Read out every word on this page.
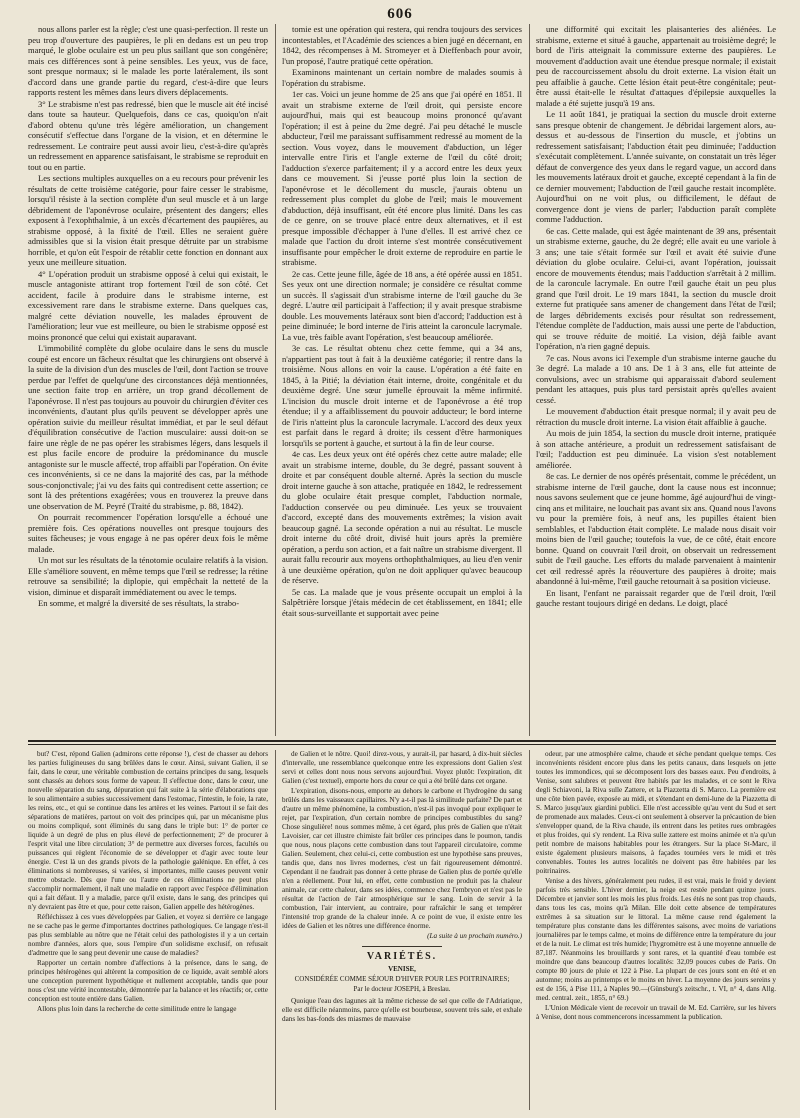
606

nous allons parler est la règle; c'est une quasi-perfection. Il reste un peu trop d'ouverture des paupières, le pli en dedans est un peu trop marqué, le globe oculaire est un peu plus saillant que son congénère; mais ces différences sont à peine sensibles. Les yeux, vus de face, sont presque normaux; si le malade les porte latéralement, ils sont d'accord dans une grande partie du regard, c'est-à-dire que leurs rapports restent les mêmes dans leurs divers déplacements.

3° Le strabisme n'est pas redressé, bien que le muscle ait été incisé dans toute sa hauteur. Quelquefois, dans ce cas, quoiqu'on n'ait d'abord obtenu qu'une très légère amélioration, un changement consécutif s'effectue dans l'organe de la vision, et en détermine le redressement. Le contraire peut aussi avoir lieu, c'est-à-dire qu'après un redressement en apparence satisfaisant, le strabisme se reproduit en tout ou en partie.

Les sections multiples auxquelles on a eu recours pour prévenir les résultats de cette troisième catégorie, pour faire cesser le strabisme, lorsqu'il résiste à la section complète d'un seul muscle et à un large débridement de l'aponévrose oculaire, présentent des dangers; elles exposent à l'exophthalmie, à un excès d'écartement des paupières, au strabisme opposé, à la fixité de l'œil. Elles ne seraient guère admissibles que si la vision était presque détruite par un strabisme horrible, et qu'on eût l'espoir de rétablir cette fonction en donnant aux yeux une meilleure situation.

4° L'opération produit un strabisme opposé à celui qui existait, le muscle antagoniste attirant trop fortement l'œil de son côté. Cet accident, facile à produire dans le strabisme interne, est excessivement rare dans le strabisme externe. Dans quelques cas, malgré cette déviation nouvelle, les malades éprouvent de l'amélioration; leur vue est meilleure, ou bien le strabisme opposé est moins prononcé que celui qui existait auparavant.

L'immobilité complète du globe oculaire dans le sens du muscle coupé est encore un fâcheux résultat que les chirurgiens ont observé à la suite de la division d'un des muscles de l'œil, dont l'action se trouve perdue par l'effet de quelqu'une des circonstances déjà mentionnées, une section faite trop en arrière, un trop grand décollement de l'aponévrose. Il n'est pas toujours au pouvoir du chirurgien d'éviter ces inconvénients, d'autant plus qu'ils peuvent se développer après une opération suivie du meilleur résultat immédiat, et par le seul défaut d'équilibration consécutive de l'action musculaire: aussi doit-on se faire une règle de ne pas opérer les strabismes légers, dans lesquels il est plus facile encore de produire la prédominance du muscle antagoniste sur le muscle affecté, trop affaibli par l'opération. On évite ces inconvénients, si ce ne dans la majorité des cas, par la méthode sous-conjonctivale; j'ai vu des faits qui contredisent cette assertion; ce sont là des prétentions exagérées; vous en trouverez la preuve dans une observation de M. Peyré (Traité du strabisme, p. 88, 1842).

On pourrait recommencer l'opération lorsqu'elle a échoué une première fois. Ces opérations nouvelles ont presque toujours des suites fâcheuses; je vous engage à ne pas opérer deux fois le même malade.

Un mot sur les résultats de la ténotomie oculaire relatifs à la vision. Elle s'améliore souvent, en même temps que l'œil se redresse; la rétine retrouve sa sensibilité; la diplopie, qui empêchait la netteté de la vision, diminue et disparaît immédiatement ou avec le temps.

En somme, et malgré la diversité de ses résultats, la strabo-

tomie est une opération qui restera, qui rendra toujours des services incontestables, et l'Académie des sciences a bien jugé en décernant, en 1842, des récompenses à M. Stromeyer et à Dieffenbach pour avoir, l'un proposé, l'autre pratiqué cette opération.

Examinons maintenant un certain nombre de malades soumis à l'opération du strabisme.

1er cas. Voici un jeune homme de 25 ans que j'ai opéré en 1851. Il avait un strabisme externe de l'œil droit, qui persiste encore aujourd'hui, mais qui est beaucoup moins prononcé qu'avant l'opération; il est à peine du 2me degré. J'ai peu détaché le muscle abducteur, l'œil me paraissant suffisamment redressé au moment de la section. Vous voyez, dans le mouvement d'abduction, un léger intervalle entre l'iris et l'angle externe de l'œil du côté droit; l'adduction s'exerce parfaitement; il y a accord entre les deux yeux dans ce mouvement. Si j'eusse porté plus loin la section de l'aponévrose et le décollement du muscle, j'aurais obtenu un redressement plus complet du globe de l'œil; mais le mouvement d'abduction, déjà insuffisant, eût été encore plus limité. Dans les cas de ce genre, on se trouve placé entre deux alternatives, et il est presque impossible d'échapper à l'une d'elles. Il est arrivé chez ce malade que l'action du droit interne s'est montrée consécutivement insuffisante pour empêcher le droit externe de reproduire en partie le strabisme.

2e cas. Cette jeune fille, âgée de 18 ans, a été opérée aussi en 1851. Ses yeux ont une direction normale; je considère ce résultat comme un succès. Il s'agissait d'un strabisme interne de l'œil gauche du 3e degré. L'autre œil participait à l'affection; il y avait presque strabisme double. Les mouvements latéraux sont bien d'accord; l'adduction est à peine diminuée; le bord interne de l'iris atteint la caroncule lacrymale. La vue, très faible avant l'opération, s'est beaucoup améliorée.

3e cas. Le résultat obtenu chez cette femme, qui a 34 ans, n'appartient pas tout à fait à la deuxième catégorie; il rentre dans la troisième. Nous allons en voir la cause. L'opération a été faite en 1845, à la Pitié; la déviation était interne, droite, congénitale et du deuxième degré. Une sœur jumelle éprouvait la même infirmité. L'incision du muscle droit interne et de l'aponévrose a été trop étendue; il y a affaiblissement du pouvoir adducteur; le bord interne de l'iris n'atteint plus la caroncule lacrymale. L'accord des deux yeux est parfait dans le regard à droite; ils cessent d'être harmoniques lorsqu'ils se portent à gauche, et surtout à la fin de leur course.

4e cas. Les deux yeux ont été opérés chez cette autre malade; elle avait un strabisme interne, double, du 3e degré, passant souvent à droite et par conséquent double alterné. Après la section du muscle droit interne gauche à son attache, pratiquée en 1842, le redressement du globe oculaire était presque complet, l'abduction normale, l'adduction conservée ou peu diminuée. Les yeux se trouvaient d'accord, excepté dans des mouvements extrêmes; la vision avait beaucoup gagné. La seconde opération a nui au résultat. Le muscle droit interne du côté droit, divisé huit jours après la première opération, a perdu son action, et a fait naître un strabisme divergent. Il aurait fallu recourir aux moyens orthophthalmiques, au lieu d'en venir à une deuxième opération, qu'on ne doit appliquer qu'avec beaucoup de réserve.

5e cas. La malade que je vous présente occupait un emploi à la Salpêtrière lorsque j'étais médecin de cet établissement, en 1841; elle était sous-surveillante et supportait avec peine

une difformité qui excitait les plaisanteries des aliénées. Le strabisme, externe et situé à gauche, appartenait au troisième degré; le bord de l'iris atteignait la commissure externe des paupières. Le mouvement d'adduction avait une étendue presque normale; il existait peu de raccourcissement absolu du droit externe. La vision était un peu affaiblie à gauche. Cette lésion était peut-être congénitale; peut-être aussi était-elle le résultat d'attaques d'épilepsie auxquelles la malade a été sujette jusqu'à 19 ans.

Le 11 août 1841, je pratiquai la section du muscle droit externe sans presque obtenir de changement. Je débridai largement alors, au-dessus et au-dessous de l'insertion du muscle, et j'obtins un redressement satisfaisant; l'abduction était peu diminuée; l'adduction s'exécutait complètement. L'année suivante, on constatait un très léger défaut de convergence des yeux dans le regard vague, un accord dans les mouvements latéraux droit et gauche, excepté cependant à la fin de ce dernier mouvement; l'abduction de l'œil gauche restait incomplète. Aujourd'hui on ne voit plus, ou difficilement, le défaut de convergence dont je viens de parler; l'abduction paraît complète comme l'adduction.

6e cas. Cette malade, qui est âgée maintenant de 39 ans, présentait un strabisme externe, gauche, du 2e degré; elle avait eu une variole à 3 ans; une taie s'était formée sur l'œil et avait été suivie d'une déviation du globe oculaire. Celui-ci, avant l'opération, jouissait encore de mouvements étendus; mais l'adduction s'arrêtait à 2 millim. de la caroncule lacrymale. En outre l'œil gauche était un peu plus grand que l'œil droit. Le 19 mars 1841, la section du muscle droit externe fut pratiquée sans amener de changement dans l'état de l'œil; de larges débridements excisés pour résultat son redressement, l'étendue complète de l'adduction, mais aussi une perte de l'abduction, qui se trouve réduite de moitié. La vision, déjà faible avant l'opération, n'a rien gagné depuis.

7e cas. Nous avons ici l'exemple d'un strabisme interne gauche du 3e degré. La malade a 10 ans. De 1 à 3 ans, elle fut atteinte de convulsions, avec un strabisme qui apparaissait d'abord seulement pendant les attaques, puis plus tard persistait après qu'elles avaient cessé.

Le mouvement d'abduction était presque normal; il y avait peu de rétraction du muscle droit interne. La vision était affaiblie à gauche.

Au mois de juin 1854, la section du muscle droit interne, pratiquée à son attache antérieure, a produit un redressement satisfaisant de l'œil; l'adduction est peu diminuée. La vision s'est notablement améliorée.

8e cas. Le dernier de nos opérés présentait, comme le précédent, un strabisme interne de l'œil gauche, dont la cause nous est inconnue; nous savons seulement que ce jeune homme, âgé aujourd'hui de vingt-cinq ans et militaire, ne louchait pas avant six ans. Quand nous l'avons vu pour la première fois, à neuf ans, les pupilles étaient bien semblables, et l'abduction était complète. Le malade nous disait voir moins bien de l'œil gauche; toutefois la vue, de ce côté, était encore bonne. Quand on couvrait l'œil droit, on observait un redressement subit de l'œil gauche. Les efforts du malade parvenaient à maintenir cet œil redressé après la réouverture des paupières à droite; mais abandonné à lui-même, l'œil gauche retournait à sa position vicieuse.

En lisant, l'enfant ne paraissait regarder que de l'œil droit, l'œil gauche restant toujours dirigé en dedans. Le doigt, placé

but? C'est, répond Galien (admirons cette réponse !), c'est de chasser au dehors les parties fuligineuses du sang brûlées dans le cœur. Ainsi, suivant Galien, il se fait, dans le cœur, une véritable combustion de certains principes du sang, lesquels sont chassés au dehors sous forme de vapeur. Il s'effectue donc, dans le cœur, une nouvelle séparation du sang, dépuration qui fait suite à la série d'élaborations que le sou alimentaire a subies successivement dans l'estomac, l'intestin, le foie, la rate, les reins, etc., et qui se continue dans les artères et les veines. Partout il se fait des séparations de matières, partout on voit des principes qui, par un mécanisme plus ou moins compliqué, sont éliminés du sang dans le triple but: 1° de porter ce liquide à un degré de plus en plus élevé de perfectionnement; 2° de procurer à l'esprit vital une libre circulation; 3° de permettre aux diverses forces, facultés ou puissances qui règlent l'économie de se développer et d'agir avec toute leur énergie. C'est là un des grands pivots de la pathologie galénique. En effet, à ces éliminations si nombreuses, si variées, si importantes, mille causes peuvent venir mettre obstacle. Dès que l'une ou l'autre de ces éliminations ne peut plus s'accomplir normalement, il naît une maladie en rapport avec l'espèce d'élimination qui a fait défaut. Il y a maladie, parce qu'il existe, dans le sang, des principes qui n'y devraient pas être et que, pour cette raison, Galien appelle des hétérogènes.

Réfléchissez à ces vues développées par Galien, et voyez si derrière ce langage ne se cache pas le germe d'importantes doctrines pathologiques. Ce langage n'est-il pas plus semblable au nôtre que ne l'était celui des pathologistes il y a un certain nombre d'années, alors que, sous l'empire d'un solidisme exclusif, on refusait d'admettre que le sang peut devenir une cause de maladies?

Rapporter un certain nombre d'affections à la présence, dans le sang, de principes hétérogènes qui altèrent la composition de ce liquide, avait semblé alors une conception purement hypothétique et nullement acceptable, tandis que pour nous c'est une vérité incontestable, démontrée par la balance et les réactifs; or, cette conception est toute entière dans Galien.

Allons plus loin dans la recherche de cette similitude entre le langage

de Galien et le nôtre. Quoi! direz-vous, y aurait-il, par hasard, à dix-huit siècles d'intervalle, une ressemblance quelconque entre les expressions dont Galien s'est servi et celles dont nous nous servons aujourd'hui. Voyez plutôt: l'expiration, dit Galien (c'est textuel), emporte hors du cœur ce qui a été brûlé dans cet organe.

L'expiration, disons-nous, emporte au dehors le carbone et l'hydrogène du sang brûlés dans les vaisseaux capillaires. N'y a-t-il pas là similitude parfaite? De part et d'autre un même phénomène, la combustion, n'est-il pas invoqué pour expliquer le rejet, par l'expiration, d'un certain nombre de principes combustibles du sang? Chose singulière! nous sommes même, à cet égard, plus près de Galien que n'était Lavoisier, car cet illustre chimiste fait brûler ces principes dans le poumon, tandis que nous, nous plaçons cette combustion dans tout l'appareil circulatoire, comme Galien. Seulement, chez celui-ci, cette combustion est une hypothèse sans preuves, tandis que, dans nos livres modernes, c'est un fait rigoureusement démontré. Cependant il ne faudrait pas donner à cette phrase de Galien plus de portée qu'elle n'en a réellement. Pour lui, en effet, cette combustion ne produit pas la chaleur animale, car cette chaleur, dans ses idées, commence chez l'embryon et n'est pas le résultat de l'action de l'air atmosphérique sur le sang. Loin de servir à la combustion, l'air intervient, au contraire, pour rafraîchir le sang et tempérer l'intensité trop grande de la chaleur innée. A ce point de vue, il existe entre les idées de Galien et les nôtres une différence énorme.

(La suite à un prochain numéro.)

VARIÉTÉS.
VENISE,
CONSIDÉRÉE COMME SÉJOUR D'HIVER POUR LES POITRINAIRES;
Par le docteur JOSEPH, à Breslau.

Quoique l'eau des lagunes ait la même richesse de sel que celle de l'Adriatique, elle est difficile néanmoins, parce qu'elle est bourbeuse, souvent très sale, et exhale dans les bas-fonds des miasmes de mauvaise

odeur, par une atmosphère calme, chaude et sèche pendant quelque temps. Ces inconvénients résident encore plus dans les petits canaux, dans lesquels on jette toutes les immondices, qui se décomposent lors des basses eaux. Peu d'endroits, à Venise, sont salubres et peuvent être habités par les malades, et ce sont le Riva degli Schiavoni, la Riva sulle Zattere, et la Piazzetta di S. Marco. La première est une côte bien pavée, exposée au midi, et s'étendant en demi-lune de la Piazzetta di S. Marco jusqu'aux giardini publici. Elle n'est accessible qu'au vent du Sud et sert de promenade aux malades. Ceux-ci ont seulement à observer la précaution de bien s'envelopper quand, de la Riva chaude, ils entrent dans les petites rues ombragées et plus froides, qui s'y rendent. La Riva sulle zattere est moins animée et n'a qu'un petit nombre de maisons habitables pour les étrangers. Sur la place St-Marc, il existe également plusieurs maisons, à façades tournées vers le midi et très convenables. Toutes les autres localités ne doivent pas être habitées par les poitrinaires.

Venise a des hivers, généralement peu rudes, il est vrai, mais le froid y devient parfois très sensible. L'hiver dernier, la neige est restée pendant quinze jours. Décembre et janvier sont les mois les plus froids. Les étés ne sont pas trop chauds, dans tous les cas, moins qu'à Milan. Elle doit cette absence de températures extrêmes à sa situation sur le littoral. La même cause rend également la température plus constante dans les différentes saisons, avec moins de variations journalières par le temps calme, et moins de différence entre la température du jour et de la nuit. Le climat est très humide; l'hygromètre est à une moyenne annuelle de 87,187. Néanmoins les brouillards y sont rares, et la quantité d'eau tombée est moindre que dans beaucoup d'autres localités: 32,09 pouces cubes de Paris. On compte 80 jours de pluie et 122 à Pise. La plupart de ces jours sont en été et en automne; moins au printemps et le moins en hiver. La moyenne des jours sereins y est de 156, à Pise 111, à Naples 90.—(Günsburg's zeitschr., t. VI, n° 4, dans Allg. med. central. zeit., 1855, n° 69.)

L'Union Médicale vient de recevoir un travail de M. Ed. Carrière, sur les hivers à Venise, dont nous commencerons incessamment la publication.
